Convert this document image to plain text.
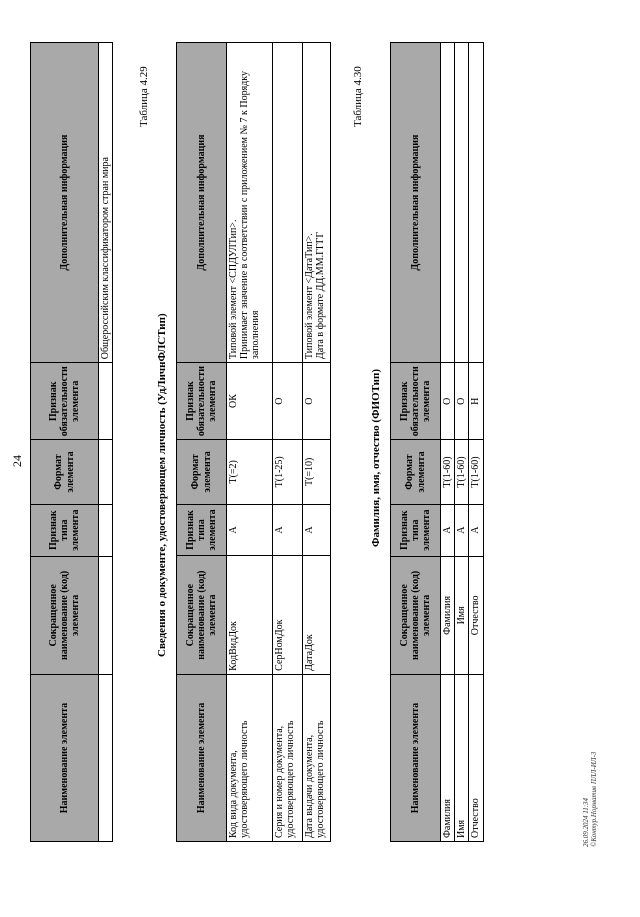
24
Наименование элемента	Сокращенное наименование (код) элемента	Признак типа элемента	Формат элемента	Признак обязательности элемента	Дополнительная информация
					Общероссийским классификатором стран мира
Таблица 4.29
Сведения о документе, удостоверяющем личность (УдЛичнФЛСТип)
Наименование элемента	Сокращенное наименование (код) элемента	Признак типа элемента	Формат элемента	Признак обязательности элемента	Дополнительная информация
Код вида документа, удостоверяющего личность	КодВидДок	А	T(=2)	ОК	Типовой элемент <СПДУЛТип>. Принимает значение в соответствии с приложением № 7 к Порядку заполнения

Серия и номер документа, удостоверяющего личность	СерНомДок	А	T(1-25)	О	
Дата выдачи документа, удостоверяющего личность	ДатаДок	А	T(=10)	О	Типовой элемент <ДатаТип>. Дата в формате ДД.ММ.ГГГГ
Таблица 4.30
Фамилия, имя, отчество (ФИОТип)
Наименование элемента	Сокращенное наименование (код) элемента	Признак типа элемента	Формат элемента	Признак обязательности элемента	Дополнительная информация
Фамилия	Фамилия	А	T(1-60)	О	
Имя	Имя	А	T(1-60)	О	
Отчество	Отчество	А	T(1-60)	Н	
26.09.2024 11:34 ©Контур.Норматив ПЛЛ-ИЛ-3
